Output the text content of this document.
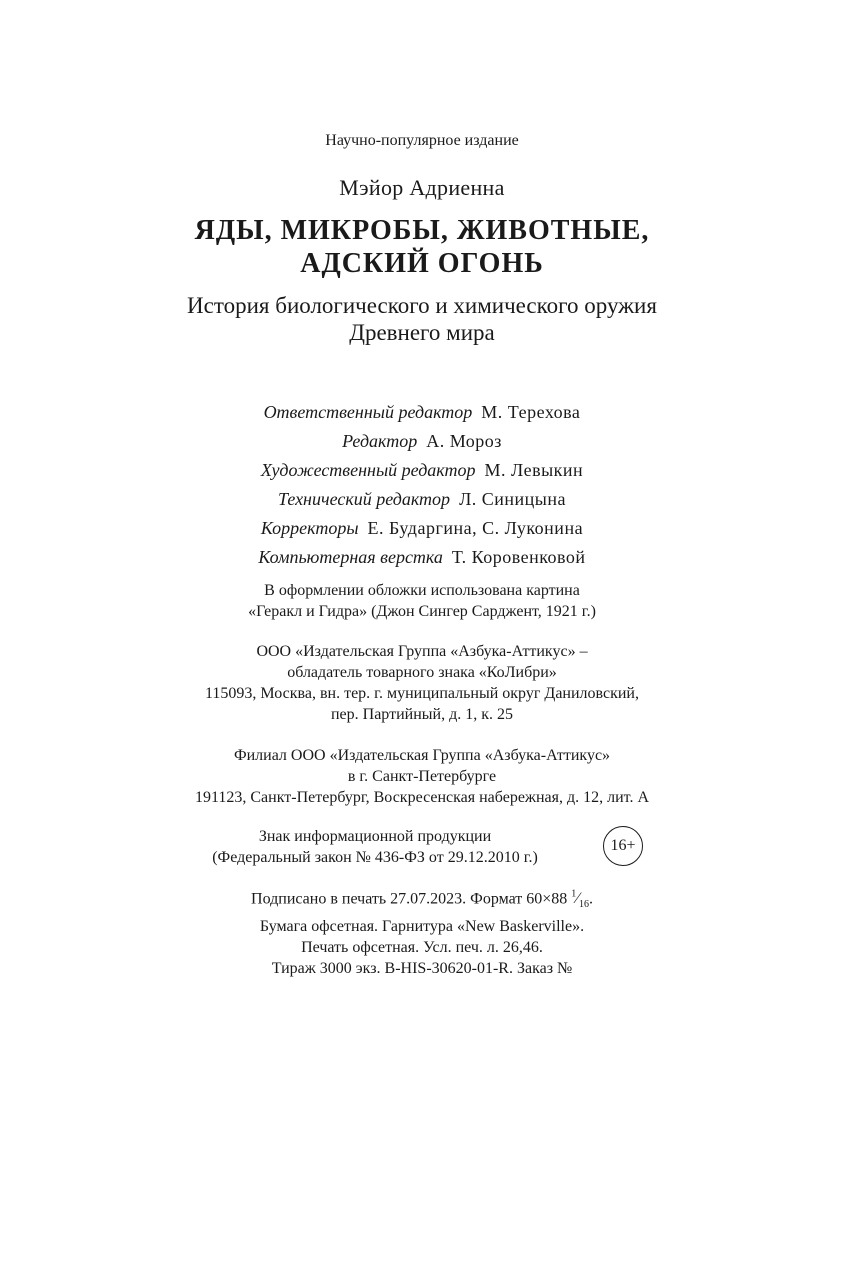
Научно-популярное издание
Мэйор Адриенна
ЯДЫ, МИКРОБЫ, ЖИВОТНЫЕ,
АДСКИЙ ОГОНЬ
История биологического и химического оружия
Древнего мира
Ответственный редактор М. Терехова
Редактор А. Мороз
Художественный редактор М. Левыкин
Технический редактор Л. Синицына
Корректоры Е. Бударгина, С. Луконина
Компьютерная верстка Т. Коровенковой
В оформлении обложки использована картина
«Геракл и Гидра» (Джон Сингер Сарджент, 1921 г.)
ООО «Издательская Группа «Азбука-Аттикус» –
обладатель товарного знака «КоЛибри»
115093, Москва, вн. тер. г. муниципальный округ Даниловский,
пер. Партийный, д. 1, к. 25
Филиал ООО «Издательская Группа «Азбука-Аттикус»
в г. Санкт-Петербурге
191123, Санкт-Петербург, Воскресенская набережная, д. 12, лит. А
Знак информационной продукции
(Федеральный закон № 436-ФЗ от 29.12.2010 г.)
16+
Подписано в печать 27.07.2023. Формат 60×88 $^1⁄_{16}$.
Бумага офсетная. Гарнитура «New Baskerville».
Печать офсетная. Усл. печ. л. 26,46.
Тираж 3000 экз. B-HIS-30620-01-R. Заказ №
